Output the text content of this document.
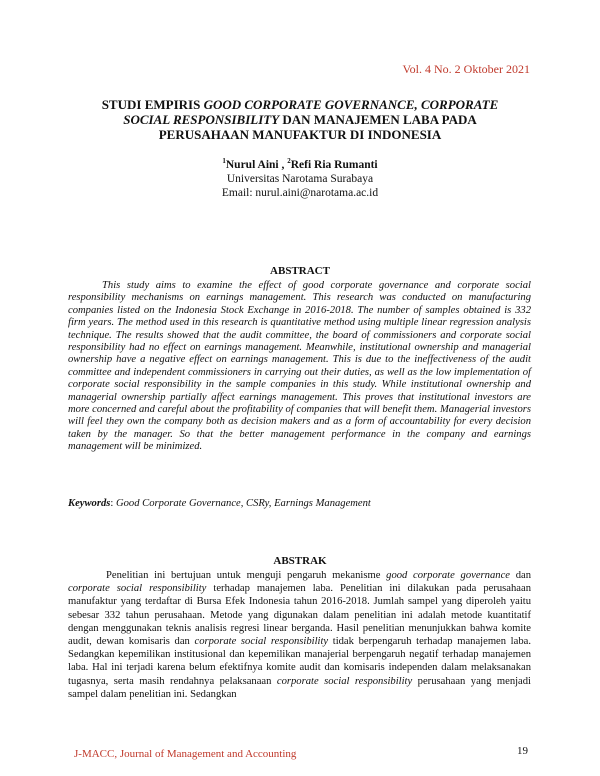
Vol. 4 No. 2 Oktober 2021
STUDI EMPIRIS GOOD CORPORATE GOVERNANCE, CORPORATE
SOCIAL RESPONSIBILITY DAN MANAJEMEN LABA PADA
PERUSAHAAN MANUFAKTUR DI INDONESIA
$^1$Nurul Aini , $^2$Refi Ria Rumanti
Universitas Narotama Surabaya
Email: nurul.aini@narotama.ac.id
ABSTRACT

This study aims to examine the effect of good corporate governance and corporate social responsibility mechanisms on earnings management. This research was conducted on manufacturing companies listed on the Indonesia Stock Exchange in 2016-2018. The number of samples obtained is 332 firm years. The method used in this research is quantitative method using multiple linear regression analysis technique. The results showed that the audit committee, the board of commissioners and corporate social responsibility had no effect on earnings management. Meanwhile, institutional ownership and managerial ownership have a negative effect on earnings management. This is due to the ineffectiveness of the audit committee and independent commissioners in carrying out their duties, as well as the low implementation of corporate social responsibility in the sample companies in this study. While institutional ownership and managerial ownership partially affect earnings management. This proves that institutional investors are more concerned and careful about the profitability of companies that will benefit them. Managerial investors will feel they own the company both as decision makers and as a form of accountability for every decision taken by the manager. So that the better management performance in the company and earnings management will be minimized.

Keywords: Good Corporate Governance, CSRy, Earnings Management
ABSTRAK

Penelitian ini bertujuan untuk menguji pengaruh mekanisme good corporate governance dan corporate social responsibility terhadap manajemen laba. Penelitian ini dilakukan pada perusahaan manufaktur yang terdaftar di Bursa Efek Indonesia tahun 2016-2018. Jumlah sampel yang diperoleh yaitu sebesar 332 tahun perusahaan. Metode yang digunakan dalam penelitian ini adalah metode kuantitatif dengan menggunakan teknis analisis regresi linear berganda. Hasil penelitian menunjukkan bahwa komite audit, dewan komisaris dan corporate social responsibility tidak berpengaruh terhadap manajemen laba. Sedangkan kepemilikan institusional dan kepemilikan manajerial berpengaruh negatif terhadap manajemen laba. Hal ini terjadi karena belum efektifnya komite audit dan komisaris independen dalam melaksanakan tugasnya, serta masih rendahnya pelaksanaan corporate social responsibility perusahaan yang menjadi sampel dalam penelitian ini. Sedangkan

J-MACC, Journal of Management and Accounting	19
